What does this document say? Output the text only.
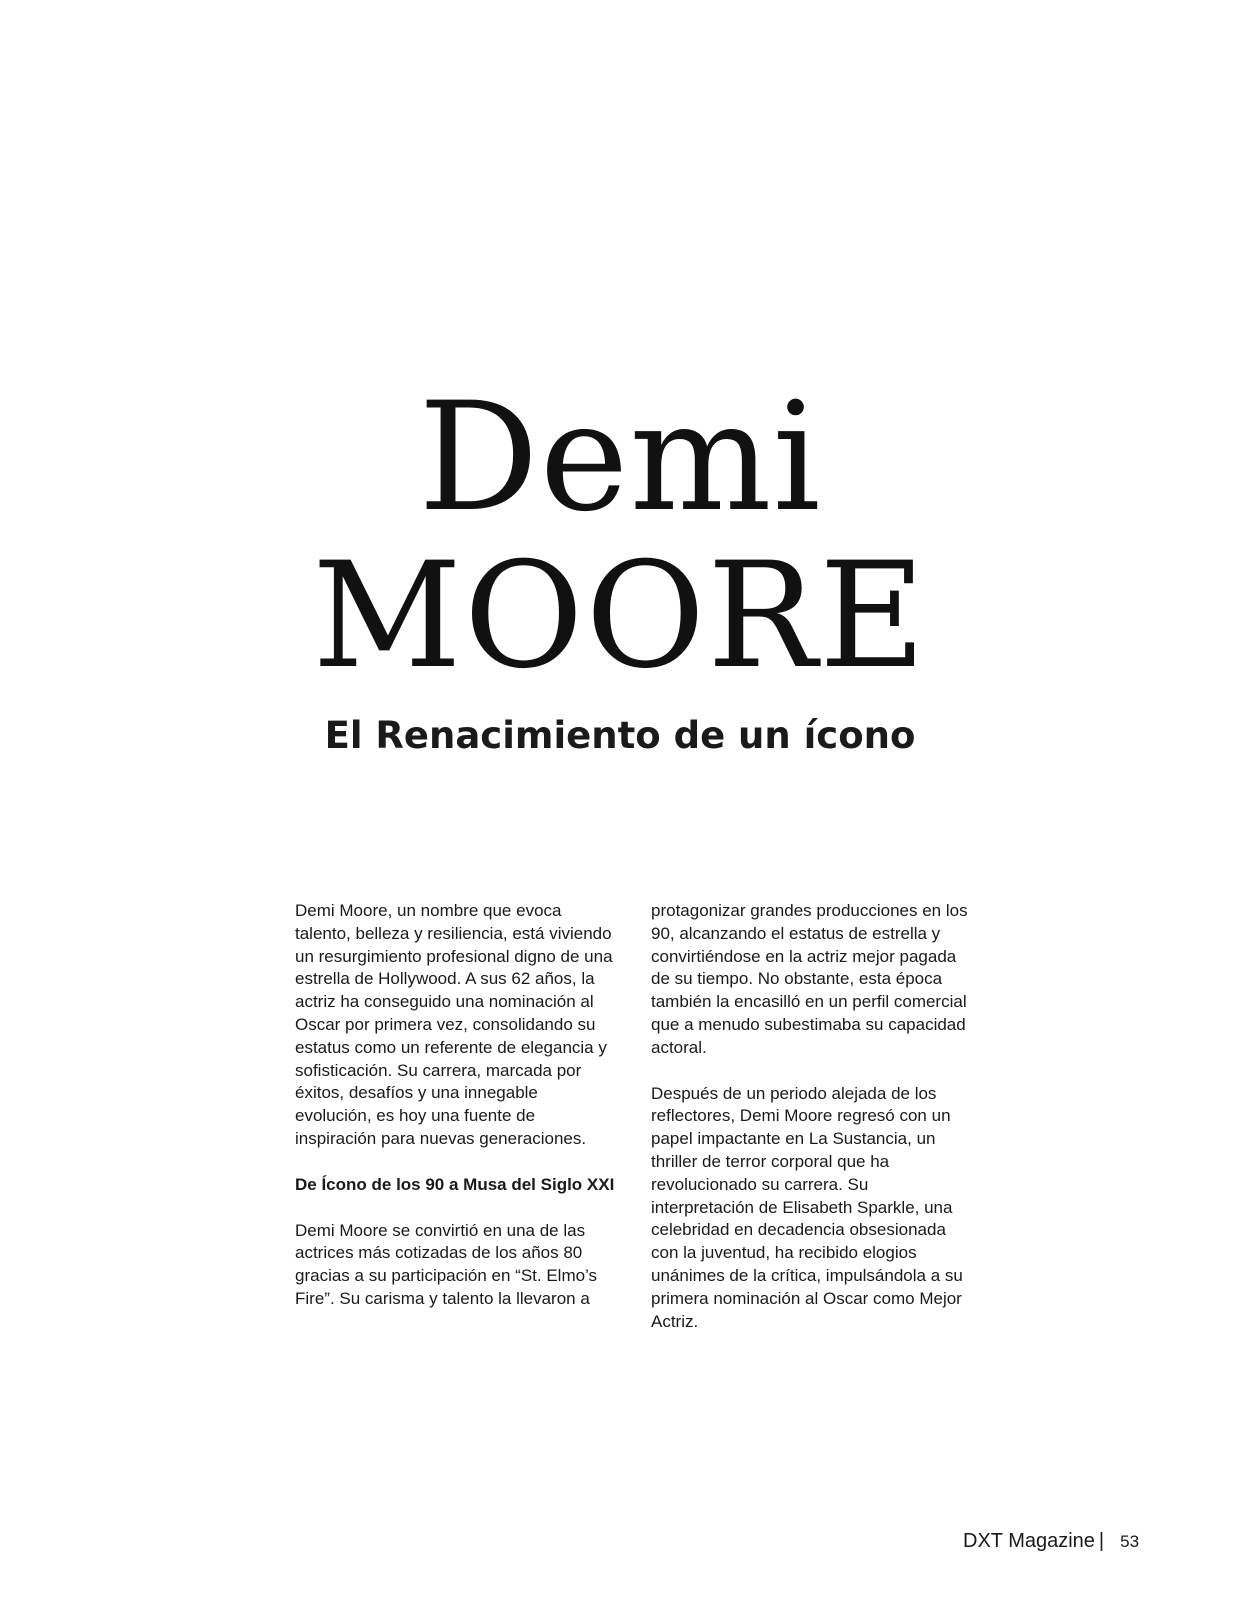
Demi
MOORE
El Renacimiento de un ícono

Demi Moore, un nombre que evoca talento, belleza y resiliencia, está viviendo un resurgimiento profesional digno de una estrella de Hollywood. A sus 62 años, la actriz ha conseguido una nominación al Oscar por primera vez, consolidando su estatus como un referente de elegancia y sofisticación. Su carrera, marcada por éxitos, desafíos y una innegable evolución, es hoy una fuente de inspiración para nuevas generaciones.

De Ícono de los 90 a Musa del Siglo XXI

Demi Moore se convirtió en una de las actrices más cotizadas de los años 80 gracias a su participación en “St. Elmo’s Fire”. Su carisma y talento la llevaron a

protagonizar grandes producciones en los 90, alcanzando el estatus de estrella y convirtiéndose en la actriz mejor pagada de su tiempo. No obstante, esta época también la encasilló en un perfil comercial que a menudo subestimaba su capacidad actoral.

Después de un periodo alejada de los reflectores, Demi Moore regresó con un papel impactante en La Sustancia, un thriller de terror corporal que ha revolucionado su carrera. Su interpretación de Elisabeth Sparkle, una celebridad en decadencia obsesionada con la juventud, ha recibido elogios unánimes de la crítica, impulsándola a su primera nominación al Oscar como Mejor Actriz.

DXT Magazine | 53
